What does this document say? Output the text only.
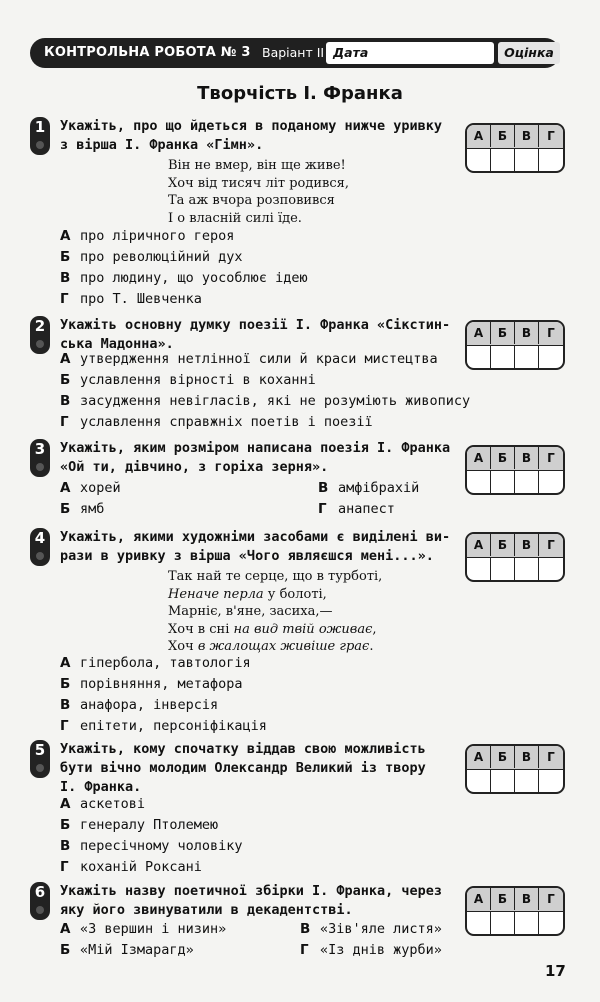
КОНТРОЛЬНА РОБОТА № 3 Варіант ІІ Дата	Оцінка
Творчість І. Франка
1	Укажіть, про що йдеться в поданому нижче уривку
з вірша І. Франка «Гімн».
Він не вмер, він ще живе!
Хоч від тисяч літ родився,
Та аж вчора розповився
І о власній силі їде.
А про ліричного героя
Б про революційний дух
В про людину, що уособлює ідею
Г про Т. Шевченка
А	Б	В	Г
2	Укажіть основну думку поезії І. Франка «Сікстин-
ська Мадонна».
А утвердження нетлінної сили й краси мистецтва
Б уславлення вірності в коханні
В засудження невігласів, які не розуміють живопису
Г уславлення справжніх поетів і поезії
А	Б	В	Г
3	Укажіть, яким розміром написана поезія І. Франка
«Ой ти, дівчино, з горіха зерня».
А хорей
Б ямб
В амфібрахій
Г анапест
А	Б	В	Г
4	Укажіть, якими художніми засобами є виділені ви-
рази в уривку з вірша «Чого являєшся мені...».
Так най те серце, що в турботі,
Неначе перла у болоті,
Марніє, в'яне, засиха,—
Хоч в сні на вид твій оживає,
Хоч в жалощах живіше грає.
А гіпербола, тавтологія
Б порівняння, метафора
В анафора, інверсія
Г епітети, персоніфікація
А	Б	В	Г
5	Укажіть, кому спочатку віддав свою можливість
бути вічно молодим Олександр Великий із твору
І. Франка.
А аскетові
Б генералу Птолемею
В пересічному чоловіку
Г коханій Роксані
А	Б	В	Г
6	Укажіть назву поетичної збірки І. Франка, через
яку його звинуватили в декадентстві.
А «З вершин і низин»
Б «Мій Ізмарагд»
В «Зів'яле листя»
Г «Із днів журби»
А	Б	В	Г
17
